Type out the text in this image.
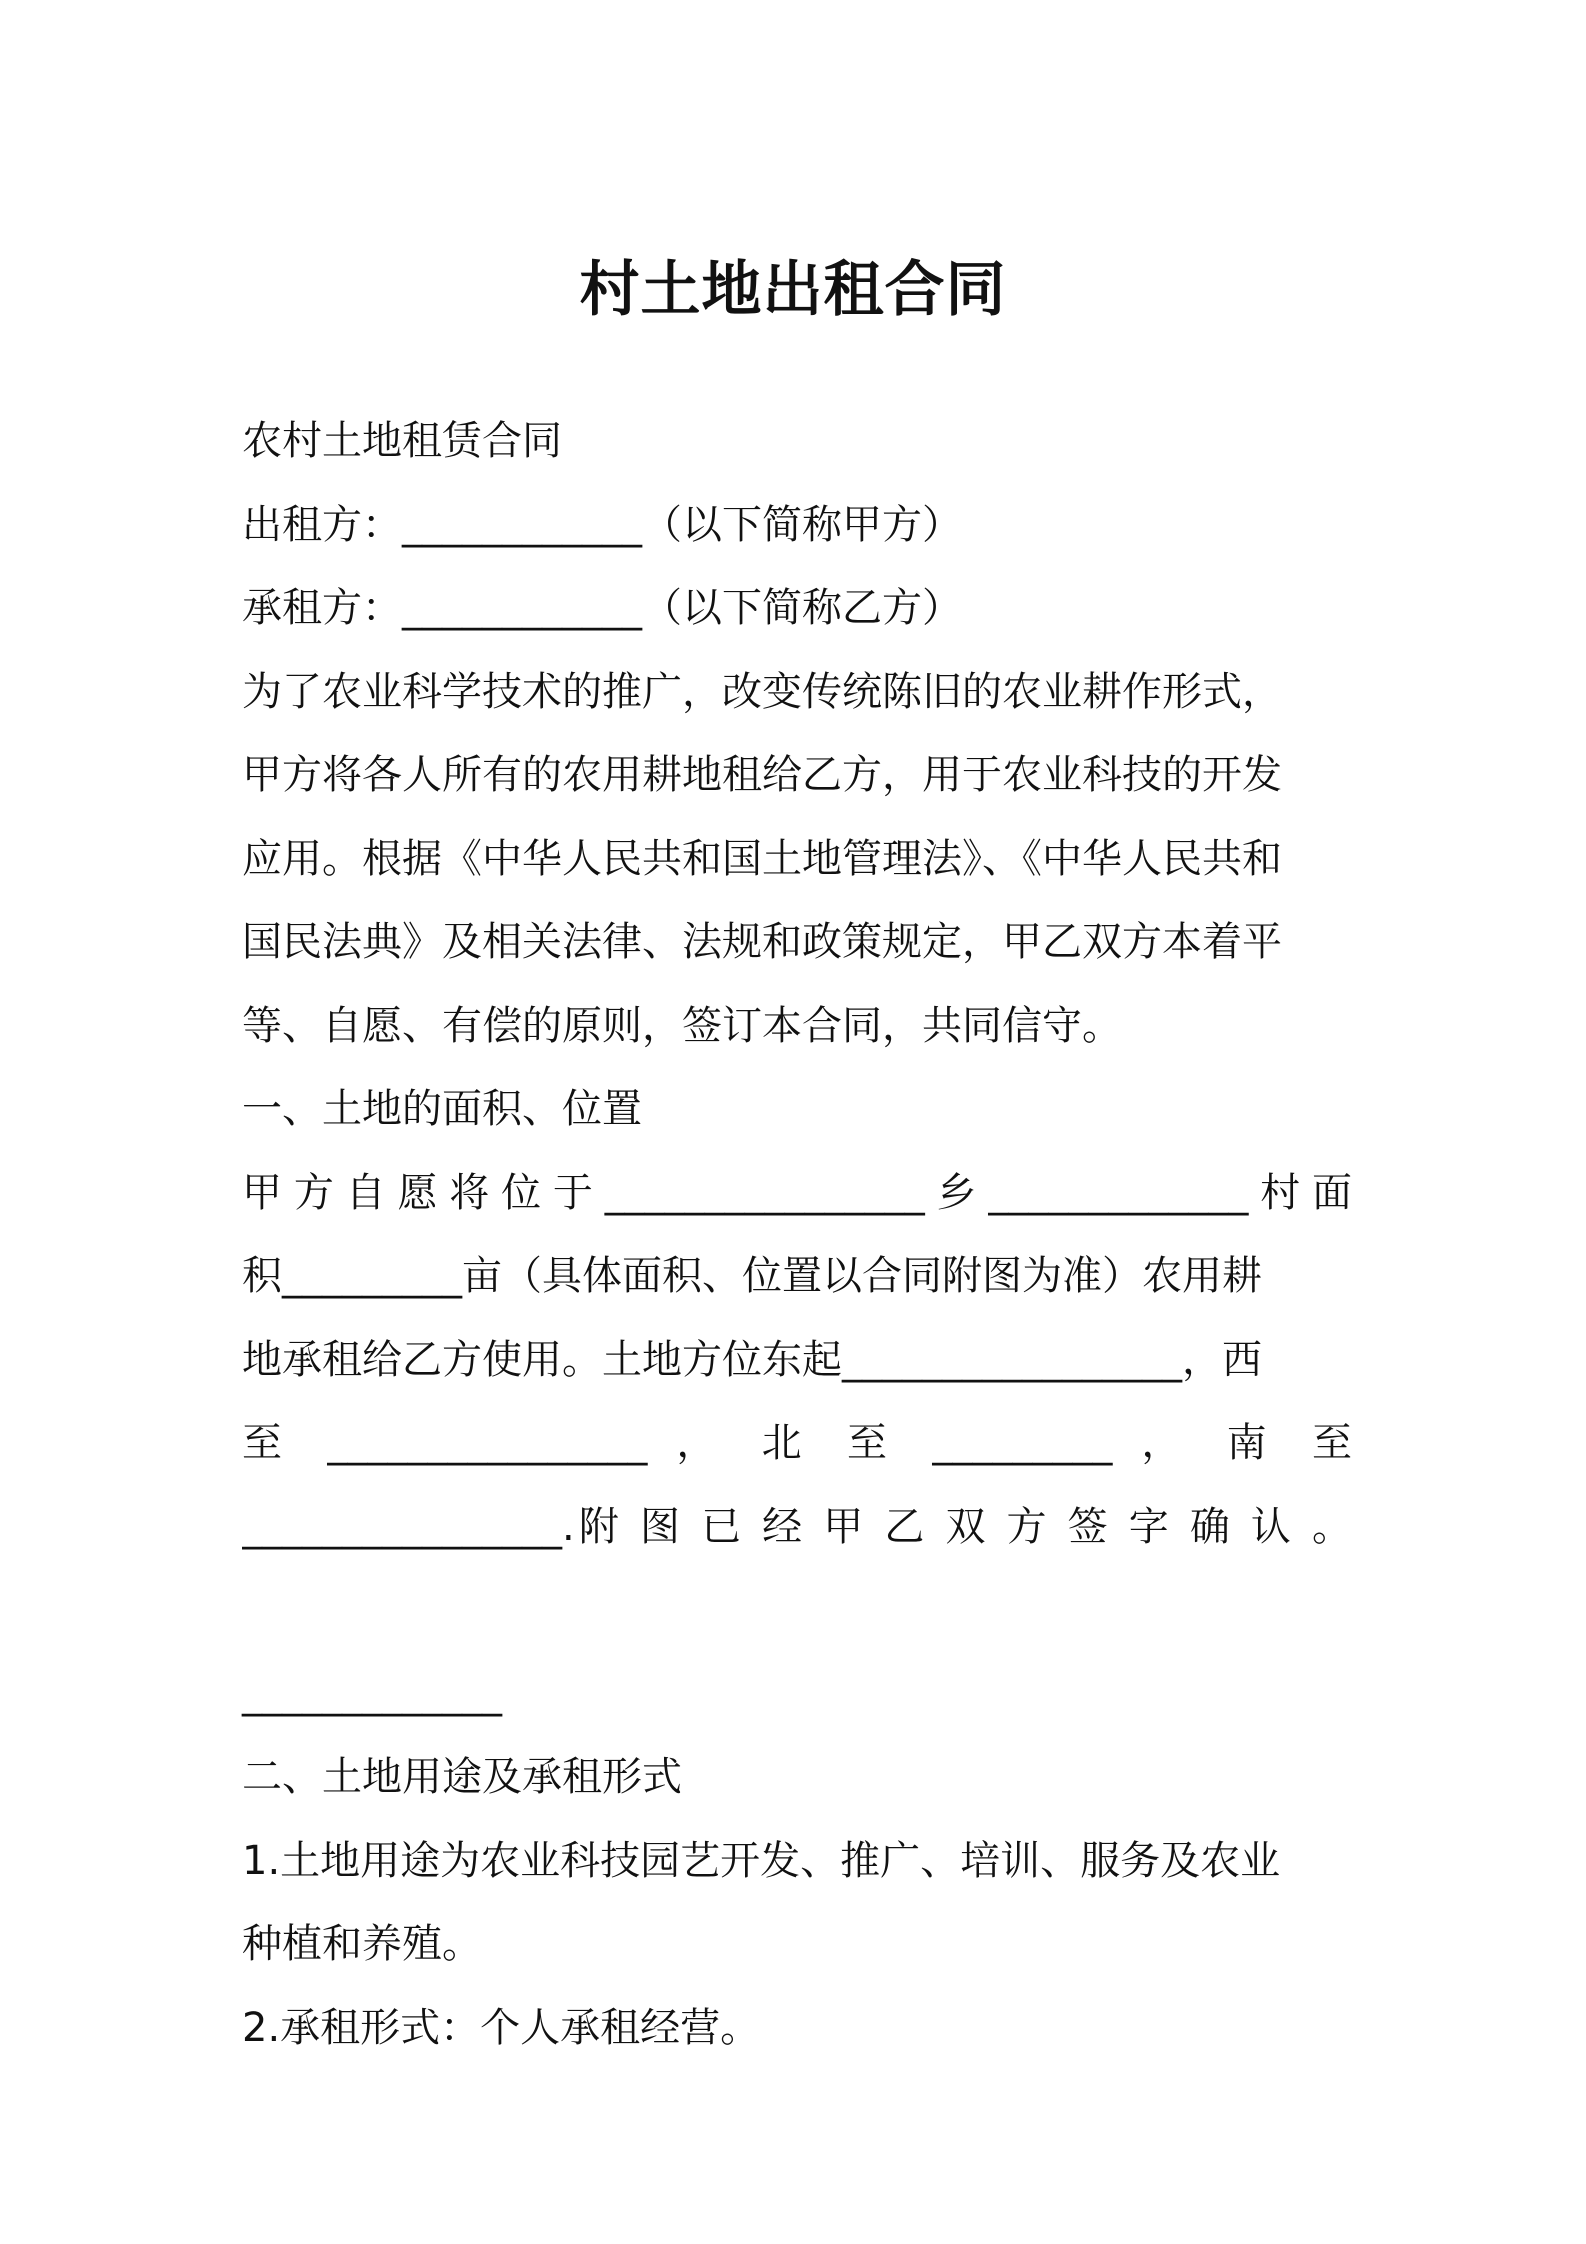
村土地出租合同
农村土地租赁合同
出租方：____________（以下简称甲方）
承租方：____________（以下简称乙方）
为了农业科学技术的推广，改变传统陈旧的农业耕作形式，
甲方将各人所有的农用耕地租给乙方，用于农业科技的开发
应用。根据《中华人民共和国土地管理法》、《中华人民共和
国民法典》及相关法律、法规和政策规定，甲乙双方本着平
等、自愿、有偿的原则，签订本合同，共同信守。
一、土地的面积、位置
甲方自愿将位于________________乡_____________村面
积_________亩（具体面积、位置以合同附图为准）农用耕
地承租给乙方使用。土地方位东起_________________，西
至 ________________ ， 北 至 _________ ， 南 至
________________.附 图 已 经 甲 乙 双 方 签 字 确 认 。
_____________
二、土地用途及承租形式
1.土地用途为农业科技园艺开发、推广、培训、服务及农业
种植和养殖。
2.承租形式：个人承租经营。
